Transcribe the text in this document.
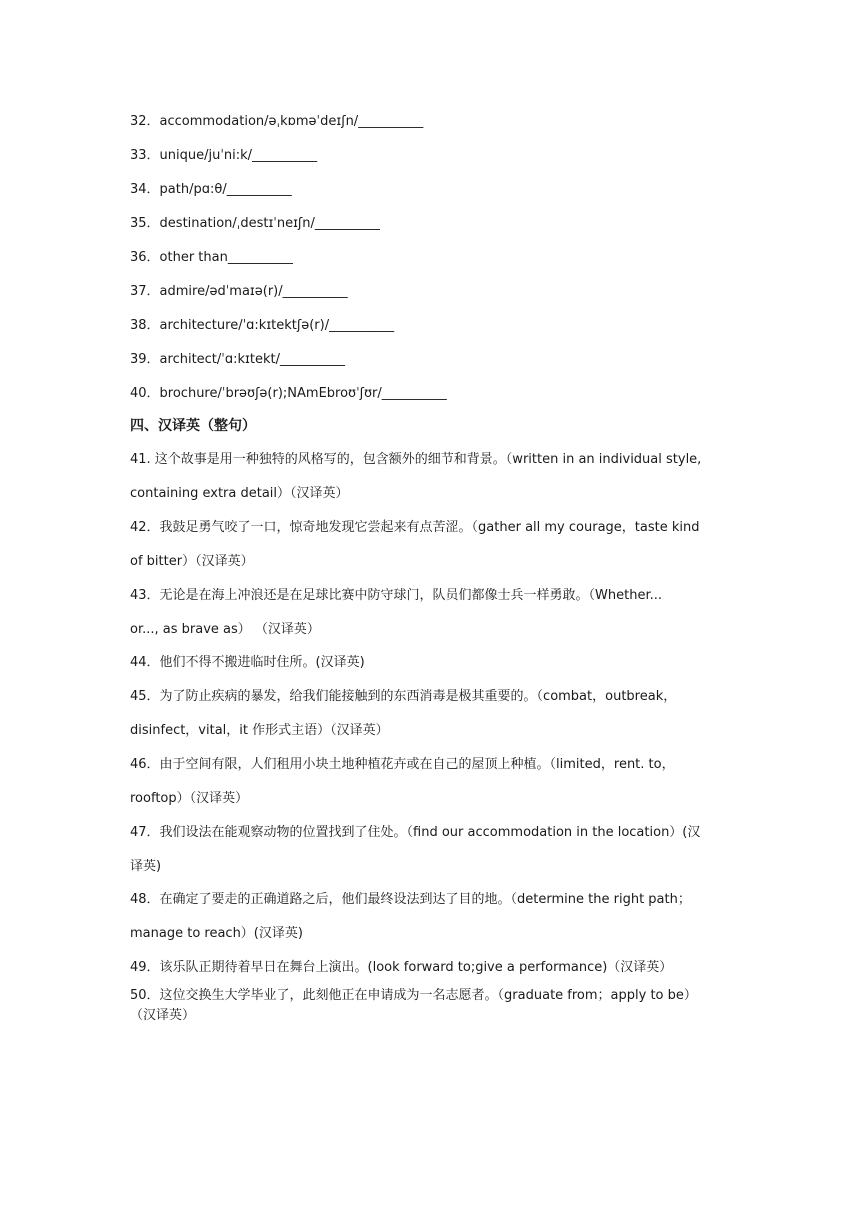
32．accommodation/əˌkɒməˈdeɪʃn/__________
33．unique/juˈni:k/__________
34．path/pɑ:θ/__________
35．destination/ˌdestɪˈneɪʃn/__________
36．other than__________
37．admire/ədˈmaɪə(r)/__________
38．architecture/ˈɑ:kɪtektʃə(r)/__________
39．architect/ˈɑ:kɪtekt/__________
40．brochure/ˈbrəʊʃə(r);NAmEbroʊˈʃʊr/__________
四、汉译英（整句）
41. 这个故事是用一种独特的风格写的，包含额外的细节和背景。（written in an individual style,
containing extra detail）（汉译英）
42．我鼓足勇气咬了一口，惊奇地发现它尝起来有点苦涩。（gather all my courage，taste kind
of bitter）（汉译英）
43．无论是在海上冲浪还是在足球比赛中防守球门，队员们都像士兵一样勇敢。（Whether...
or..., as brave as） （汉译英）
44．他们不得不搬进临时住所。(汉译英)
45．为了防止疾病的暴发，给我们能接触到的东西消毒是极其重要的。（combat，outbreak，
disinfect，vital，it 作形式主语）（汉译英）
46．由于空间有限，人们租用小块土地种植花卉或在自己的屋顶上种植。（limited，rent. to，
rooftop）（汉译英）
47．我们设法在能观察动物的位置找到了住处。（find our accommodation in the location）(汉
译英)
48．在确定了要走的正确道路之后，他们最终设法到达了目的地。（determine the right path；
manage to reach）(汉译英)
49．该乐队正期待着早日在舞台上演出。(look forward to;give a performance)（汉译英）
50．这位交换生大学毕业了，此刻他正在申请成为一名志愿者。（graduate from；apply to be）
（汉译英）
